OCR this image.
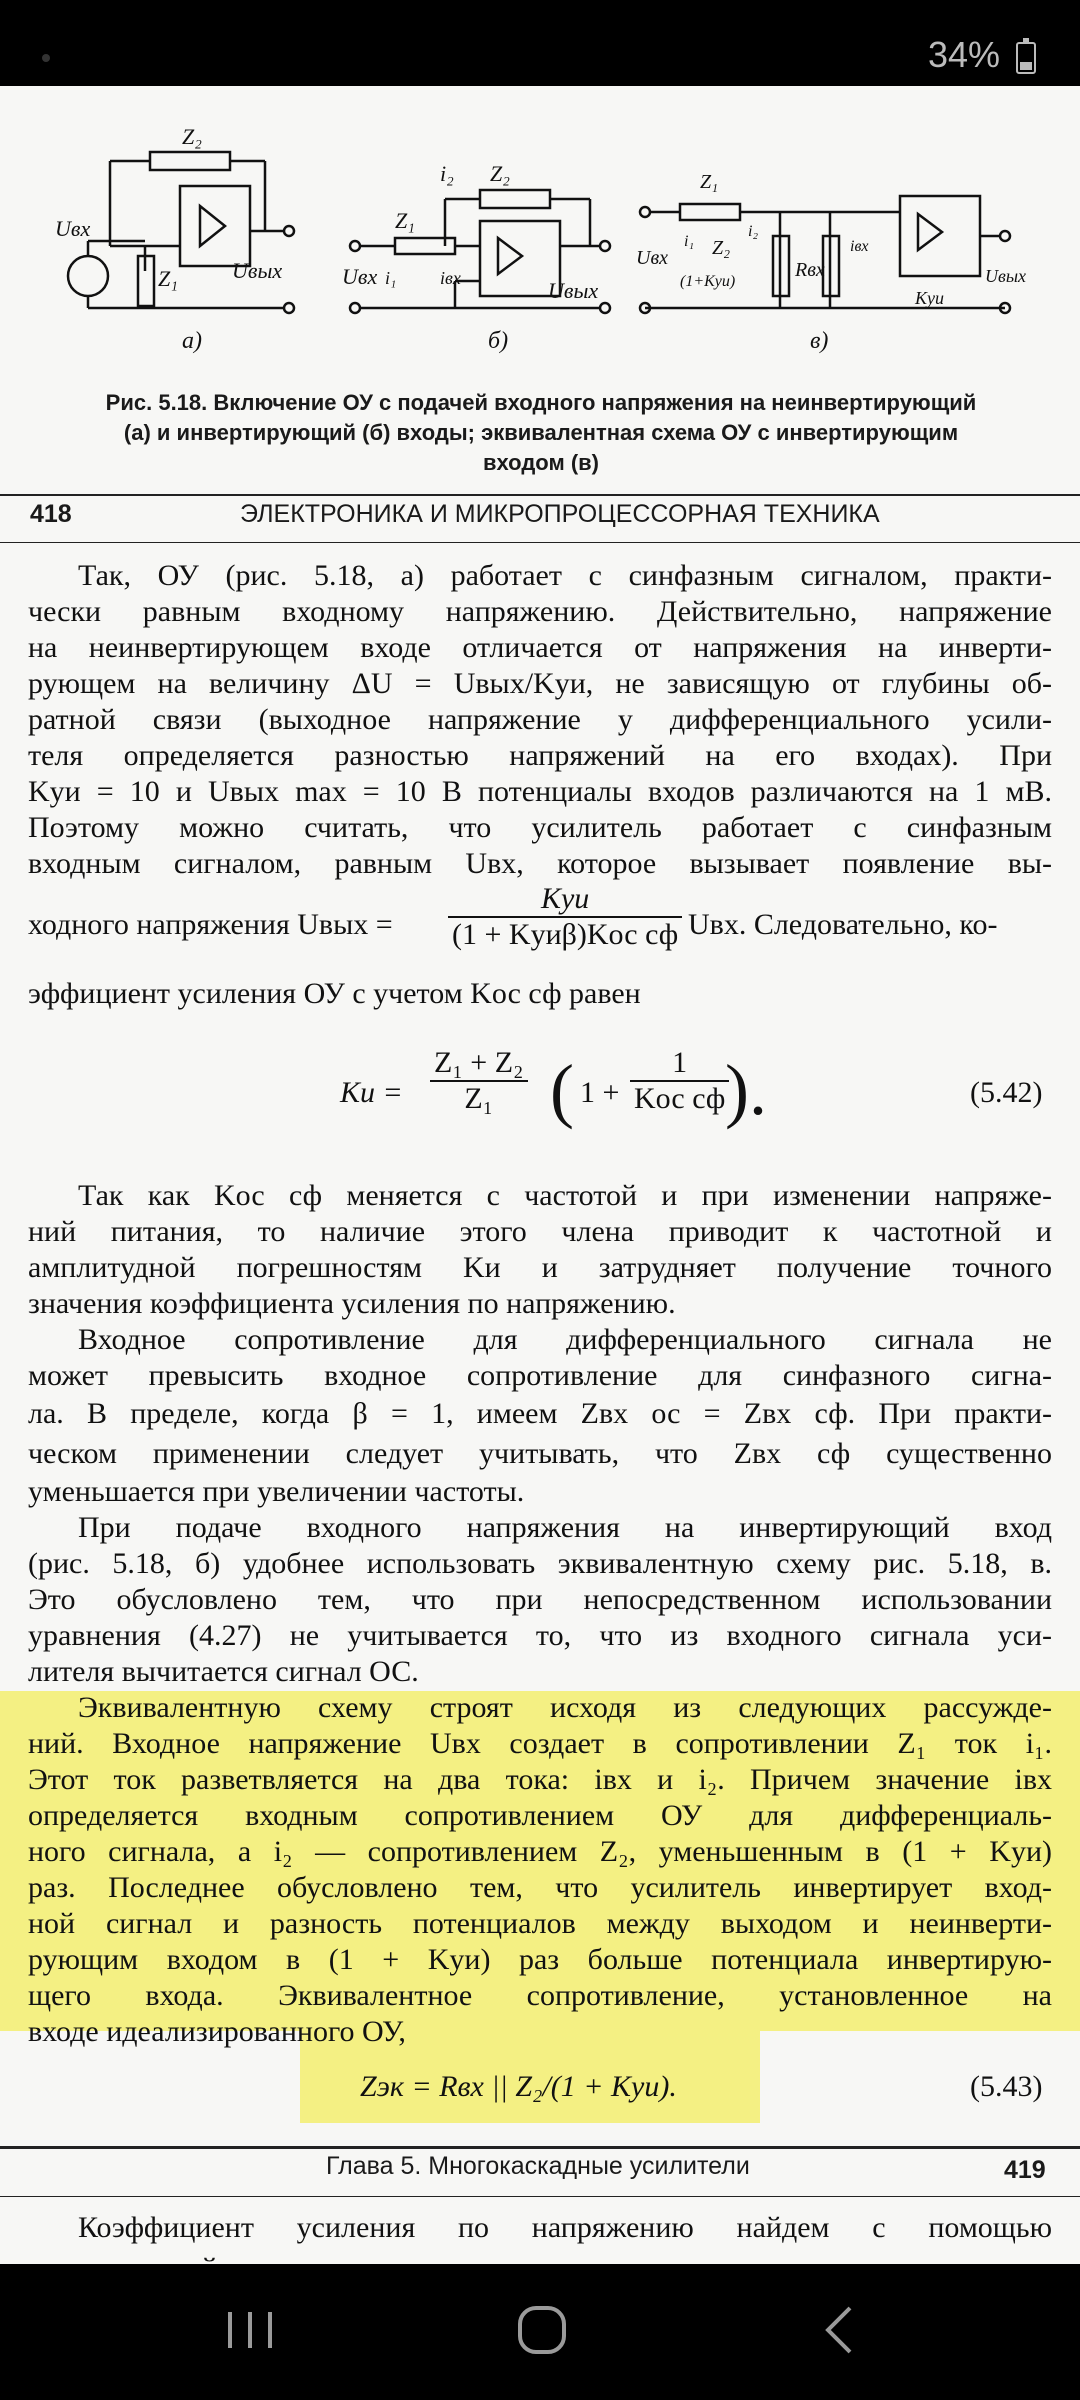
34%
Z₂
Z₁
Uвх
Uвых
а)
i₂
Z₁
Z₂
iвх
i₁
Uвх
Uвых
б)
Z₁
Z₂
(1+Kуи)
Rвх
iвх
Kуи
Uвх
Uвых
i₁
i₂
в)
Рис. 5.18. Включение ОУ с подачей входного напряжения на неинвертирующий
(а) и инвертирующий (б) входы; эквивалентная схема ОУ с инвертирующим
входом (в)
418	ЭЛЕКТРОНИКА И МИКРОПРОЦЕССОРНАЯ ТЕХНИКА
Так, ОУ (рис. 5.18, а) работает с синфазным сигналом, практи-
чески равным входному напряжению. Действительно, напряжение
на неинвертирующем входе отличается от напряжения на инверти-
рующем на величину ΔU = Uвых/Kуи, не зависящую от глубины об-
ратной связи (выходное напряжение у дифференциального усили-
теля определяется разностью напряжений на его входах). При
Kуи = 10 и Uвых max = 10 В потенциалы входов различаются на 1 мВ.
Поэтому можно считать, что усилитель работает с синфазным
входным сигналом, равным Uвх, которое вызывает появление вы-
ходного напряжения Uвых =
Kуи
(1 + Kуиβ)Kос сф Uвх. Следовательно, ко-
эффициент усиления ОУ с учетом Kос сф равен
Kи = $\frac{\text{Z₁ + Z₂}}{\text{Z₁}}$ ( 1 +
1
Kос сф ).	(5.42)
Так как Kос сф меняется с частотой и при изменении напряже-
ний питания, то наличие этого члена приводит к частотной и
амплитудной погрешностям Kи и затрудняет получение точного
значения коэффициента усиления по напряжению.
Входное сопротивление для дифференциального сигнала не
может превысить входное сопротивление для синфазного сигна-
ла. В пределе, когда β = 1, имеем Zвх ос = Zвх сф. При практи-
ческом применении следует учитывать, что Zвх сф существенно
уменьшается при увеличении частоты.
При подаче входного напряжения на инвертирующий вход
(рис. 5.18, б) удобнее использовать эквивалентную схему рис. 5.18, в.
Это обусловлено тем, что при непосредственном использовании
уравнения (4.27) не учитывается то, что из входного сигнала уси-
лителя вычитается сигнал ОС.
Эквивалентную схему строят исходя из следующих рассужде-
ний. Входное напряжение Uвх создает в сопротивлении Z₁ ток i₁.
Этот ток разветвляется на два тока: iвх и i₂. Причем значение iвх
определяется входным сопротивлением ОУ для дифференциаль-
ного сигнала, а i₂ — сопротивлением Z₂, уменьшенным в (1 + Kуи)
раз. Последнее обусловлено тем, что усилитель инвертирует вход-
ной сигнал и разность потенциалов между выходом и неинверти-
рующим входом в (1 + Kуи) раз больше потенциала инвертирую-
щего входа. Эквивалентное сопротивление, установленное на
входе идеализированного ОУ,
Zэк = Rвх || Z₂/(1 + Kуи).	(5.43)
Глава 5. Многокаскадные усилители	419
Коэффициент усиления по напряжению найдем с помощью
